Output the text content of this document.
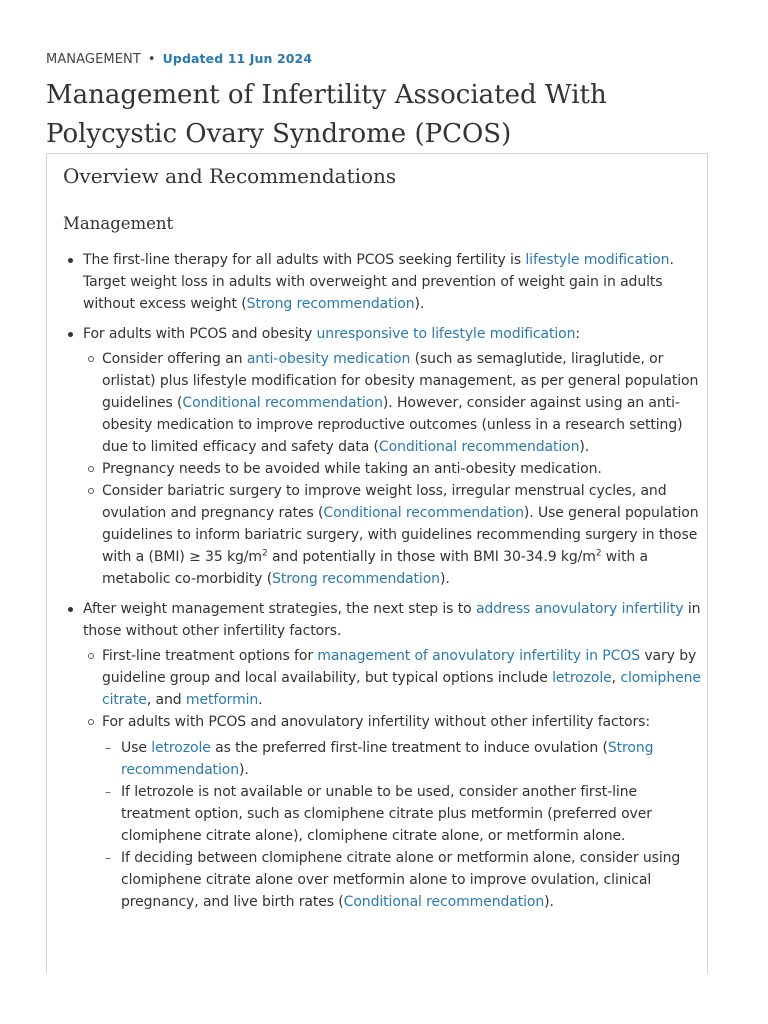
MANAGEMENT • Updated 11 Jun 2024
Management of Infertility Associated With Polycystic Ovary Syndrome (PCOS)
Overview and Recommendations
Management
The first-line therapy for all adults with PCOS seeking fertility is lifestyle modification. Target weight loss in adults with overweight and prevention of weight gain in adults without excess weight (Strong recommendation).
For adults with PCOS and obesity unresponsive to lifestyle modification:
Consider offering an anti-obesity medication (such as semaglutide, liraglutide, or orlistat) plus lifestyle modification for obesity management, as per general population guidelines (Conditional recommendation). However, consider against using an anti-obesity medication to improve reproductive outcomes (unless in a research setting) due to limited efficacy and safety data (Conditional recommendation).
Pregnancy needs to be avoided while taking an anti-obesity medication.
Consider bariatric surgery to improve weight loss, irregular menstrual cycles, and ovulation and pregnancy rates (Conditional recommendation). Use general population guidelines to inform bariatric surgery, with guidelines recommending surgery in those with a (BMI) ≥ 35 $kg/m^2$ and potentially in those with BMI 30-34.9 $kg/m^2$ with a metabolic co-morbidity (Strong recommendation).
After weight management strategies, the next step is to address anovulatory infertility in those without other infertility factors.
First-line treatment options for management of anovulatory infertility in PCOS vary by guideline group and local availability, but typical options include letrozole, clomiphene citrate, and metformin.
For adults with PCOS and anovulatory infertility without other infertility factors:
– Use letrozole as the preferred first-line treatment to induce ovulation (Strong recommendation).
– If letrozole is not available or unable to be used, consider another first-line treatment option, such as clomiphene citrate plus metformin (preferred over clomiphene citrate alone), clomiphene citrate alone, or metformin alone.
– If deciding between clomiphene citrate alone or metformin alone, consider using clomiphene citrate alone over metformin alone to improve ovulation, clinical pregnancy, and live birth rates (Conditional recommendation).
